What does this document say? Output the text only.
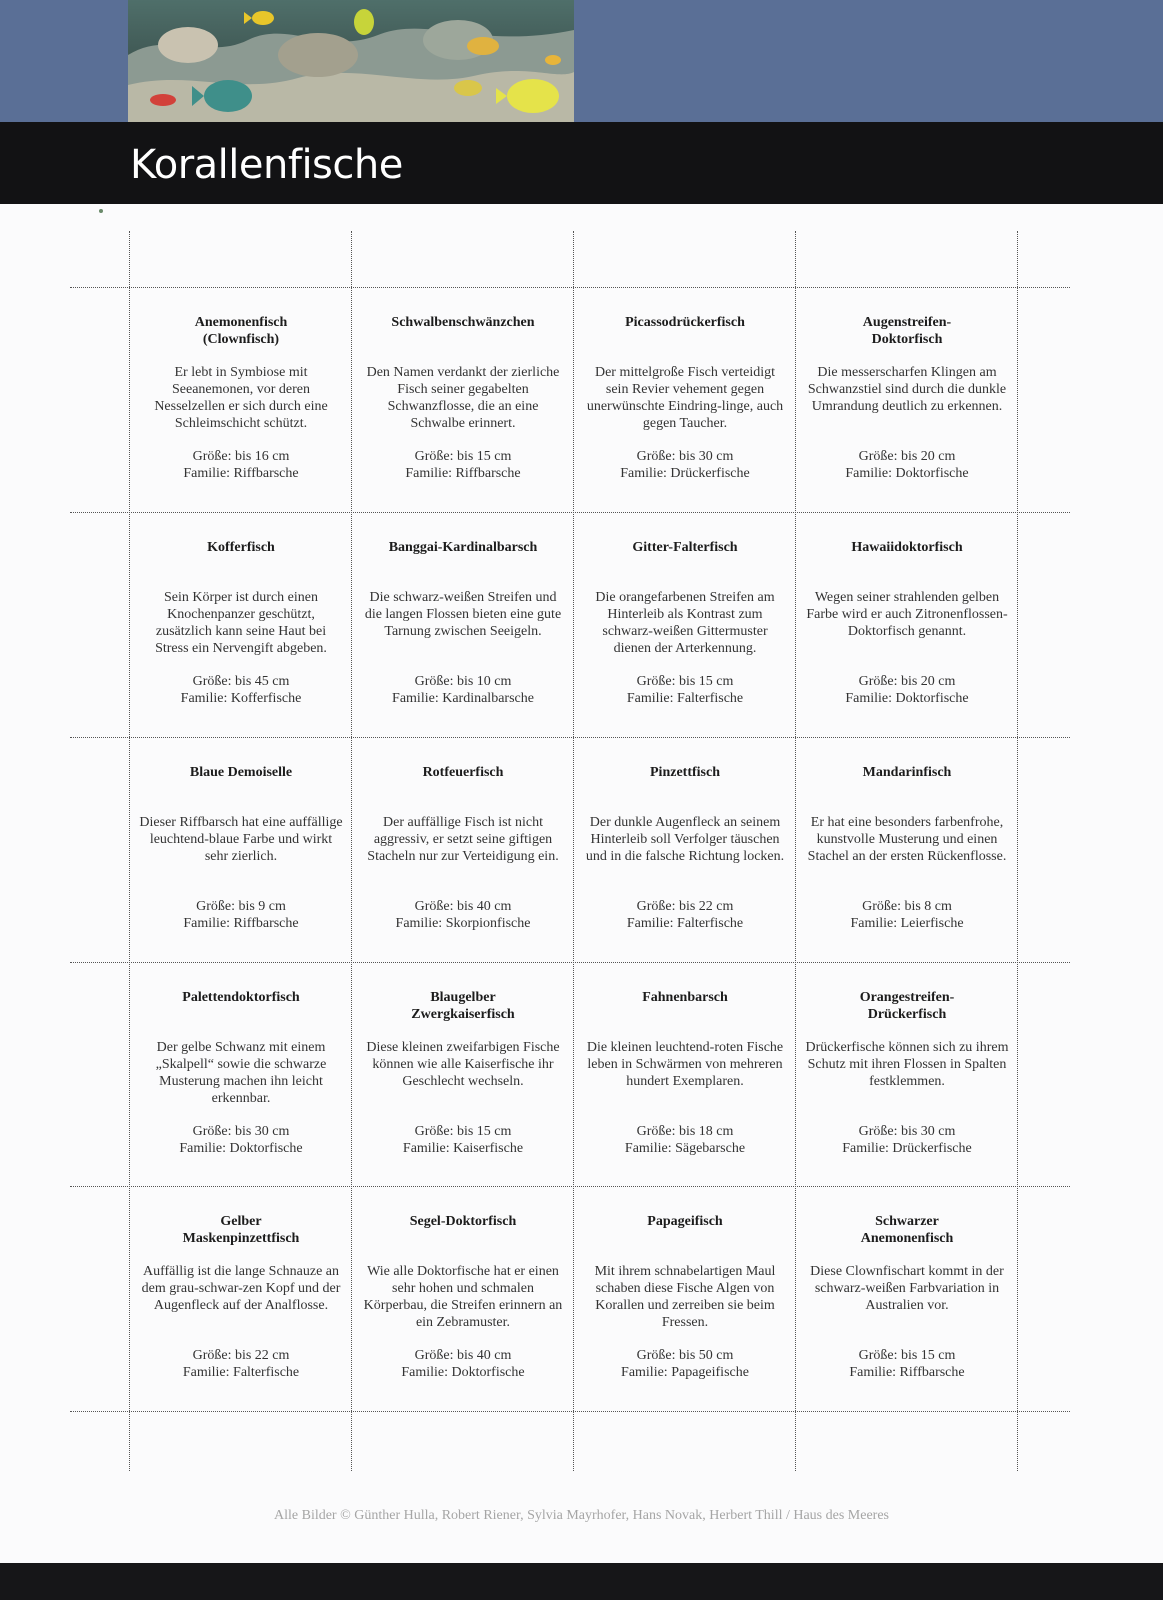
Korallenfische
Anemonenfisch
(Clownfisch)
Er lebt in Symbiose mit Seeanemonen, vor deren Nesselzellen er sich durch eine Schleimschicht schützt.
Größe: bis 16 cm
Familie: Riffbarsche
Schwalbenschwänzchen
Den Namen verdankt der zierliche Fisch seiner gegabelten Schwanzflosse, die an eine Schwalbe erinnert.
Größe: bis 15 cm
Familie: Riffbarsche
Picassodrückerfisch
Der mittelgroße Fisch verteidigt sein Revier vehement gegen unerwünschte Eindring-linge, auch gegen Taucher.
Größe: bis 30 cm
Familie: Drückerfische
Augenstreifen-
Doktorfisch
Die messerscharfen Klingen am Schwanzstiel sind durch die dunkle Umrandung deutlich zu erkennen.
Größe: bis 20 cm
Familie: Doktorfische
Kofferfisch
Sein Körper ist durch einen Knochenpanzer geschützt, zusätzlich kann seine Haut bei Stress ein Nervengift abgeben.
Größe: bis 45 cm
Familie: Kofferfische
Banggai-Kardinalbarsch
Die schwarz-weißen Streifen und die langen Flossen bieten eine gute Tarnung zwischen Seeigeln.
Größe: bis 10 cm
Familie: Kardinalbarsche
Gitter-Falterfisch
Die orangefarbenen Streifen am Hinterleib als Kontrast zum schwarz-weißen Gittermuster dienen der Arterkennung.
Größe: bis 15 cm
Familie: Falterfische
Hawaiidoktorfisch
Wegen seiner strahlenden gelben Farbe wird er auch Zitronenflossen-Doktorfisch genannt.
Größe: bis 20 cm
Familie: Doktorfische
Blaue Demoiselle
Dieser Riffbarsch hat eine auffällige leuchtend-blaue Farbe und wirkt sehr zierlich.
Größe: bis 9 cm
Familie: Riffbarsche
Rotfeuerfisch
Der auffällige Fisch ist nicht aggressiv, er setzt seine giftigen Stacheln nur zur Verteidigung ein.
Größe: bis 40 cm
Familie: Skorpionfische
Pinzettfisch
Der dunkle Augenfleck an seinem Hinterleib soll Verfolger täuschen und in die falsche Richtung locken.
Größe: bis 22 cm
Familie: Falterfische
Mandarinfisch
Er hat eine besonders farbenfrohe, kunstvolle Musterung und einen Stachel an der ersten Rückenflosse.
Größe: bis 8 cm
Familie: Leierfische
Palettendoktorfisch
Der gelbe Schwanz mit einem „Skalpell“ sowie die schwarze Musterung machen ihn leicht erkennbar.
Größe: bis 30 cm
Familie: Doktorfische
Blaugelber
Zwergkaiserfisch
Diese kleinen zweifarbigen Fische können wie alle Kaiserfische ihr Geschlecht wechseln.
Größe: bis 15 cm
Familie: Kaiserfische
Fahnenbarsch
Die kleinen leuchtend-roten Fische leben in Schwärmen von mehreren hundert Exemplaren.
Größe: bis 18 cm
Familie: Sägebarsche
Orangestreifen-
Drückerfisch
Drückerfische können sich zu ihrem Schutz mit ihren Flossen in Spalten festklemmen.
Größe: bis 30 cm
Familie: Drückerfische
Gelber
Maskenpinzettfisch
Auffällig ist die lange Schnauze an dem grau-schwar-zen Kopf und der Augenfleck auf der Analflosse.
Größe: bis 22 cm
Familie: Falterfische
Segel-Doktorfisch
Wie alle Doktorfische hat er einen sehr hohen und schmalen Körperbau, die Streifen erinnern an ein Zebramuster.
Größe: bis 40 cm
Familie: Doktorfische
Papageifisch
Mit ihrem schnabelartigen Maul schaben diese Fische Algen von Korallen und zerreiben sie beim Fressen.
Größe: bis 50 cm
Familie: Papageifische
Schwarzer
Anemonenfisch
Diese Clownfischart kommt in der schwarz-weißen Farbvariation in Australien vor.
Größe: bis 15 cm
Familie: Riffbarsche
Alle Bilder © Günther Hulla, Robert Riener, Sylvia Mayrhofer, Hans Novak, Herbert Thill / Haus des Meeres
